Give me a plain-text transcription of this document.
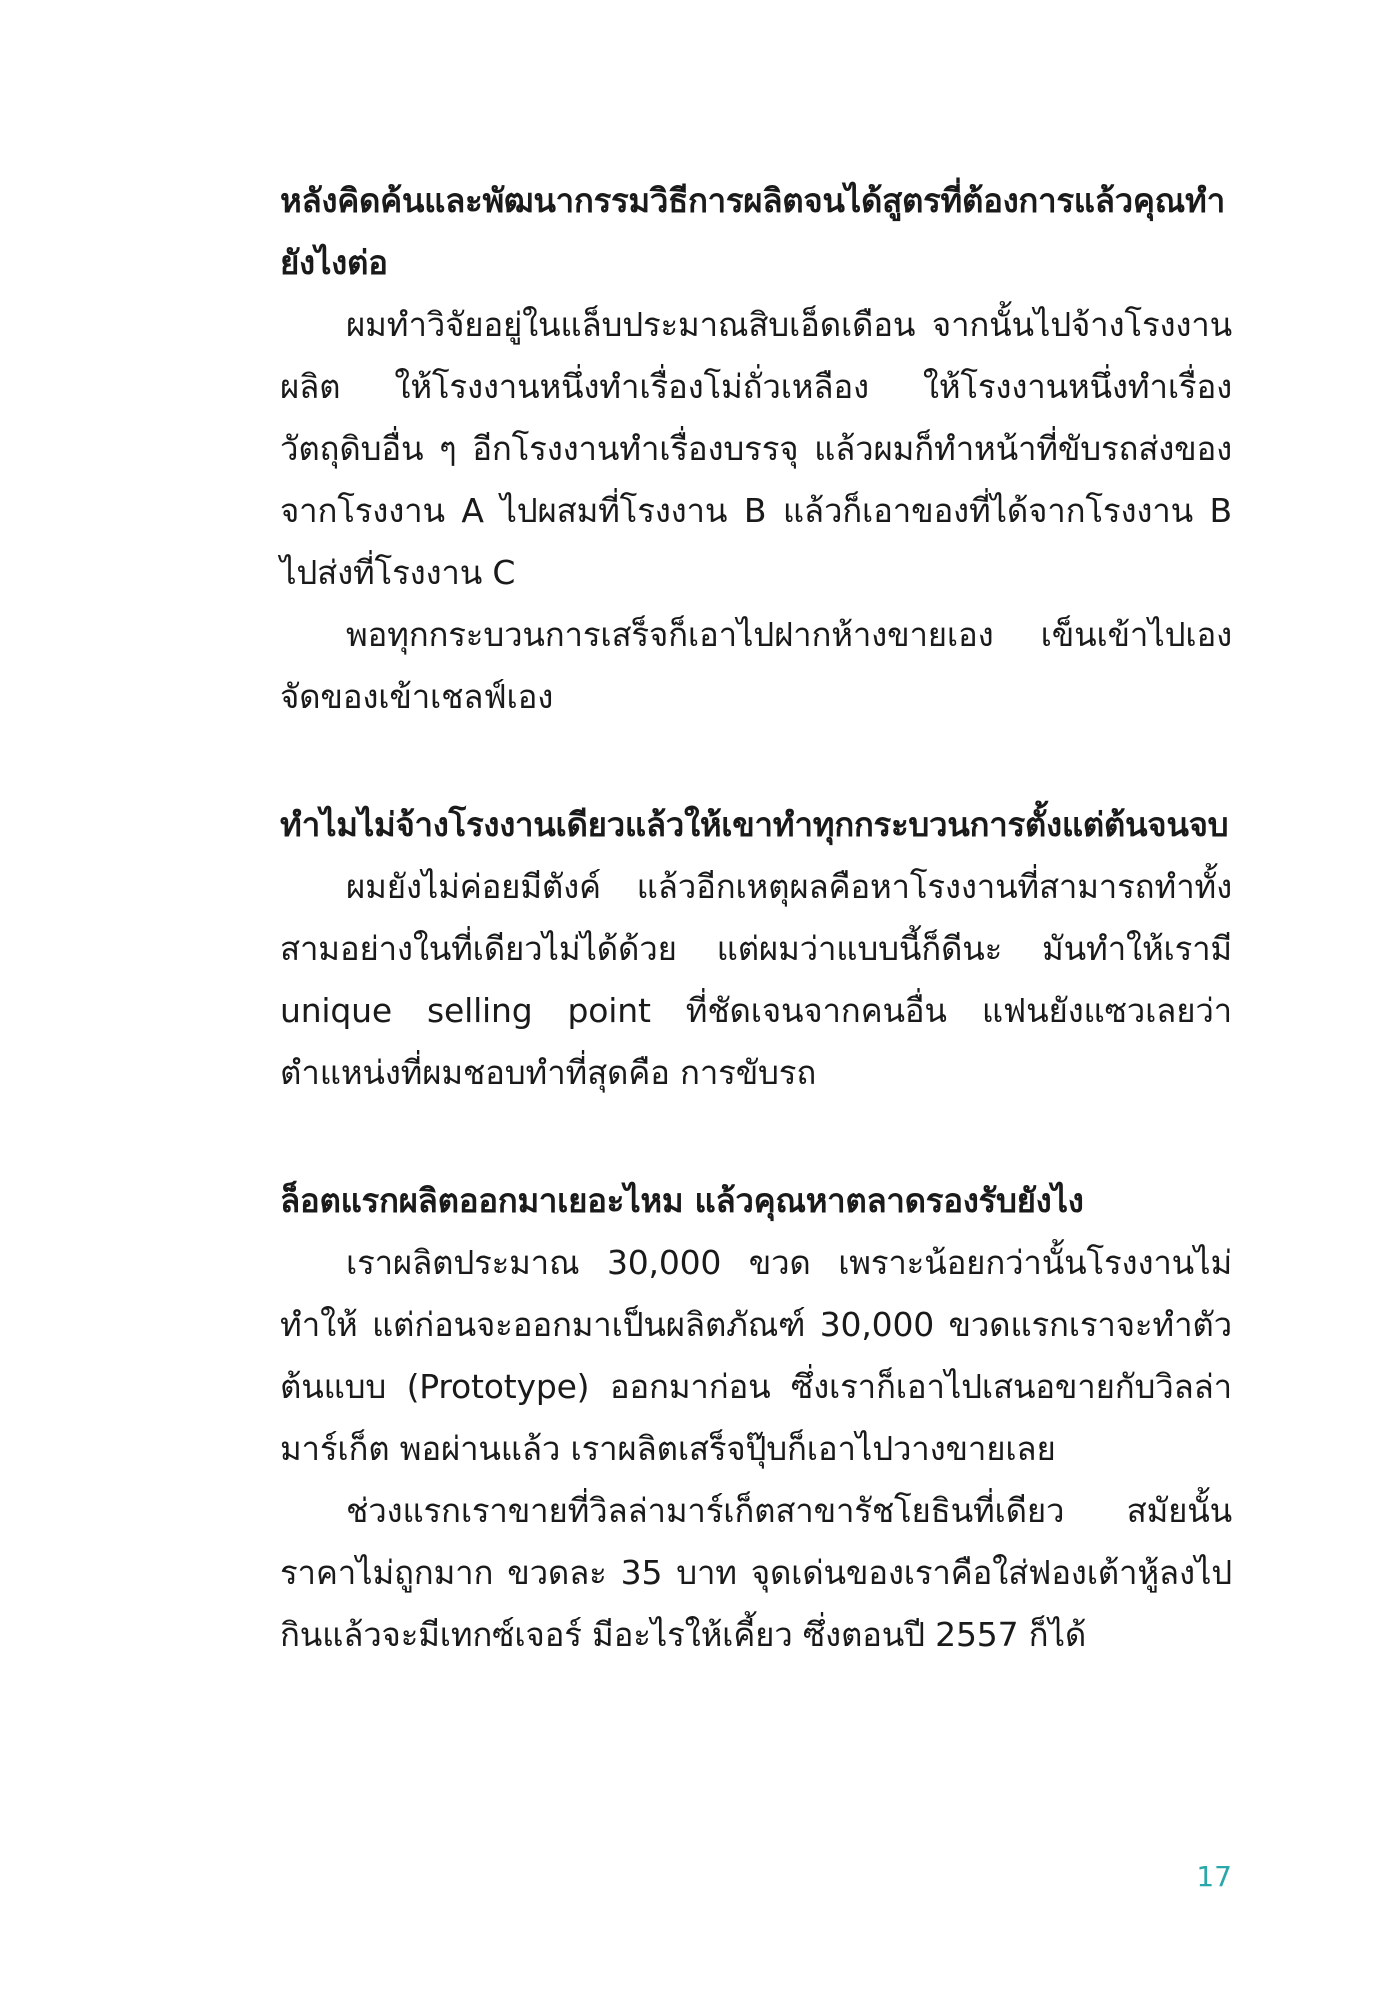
หลังคิดค้นและพัฒนากรรมวิธีการผลิตจนได้สูตรที่ต้องการแล้วคุณทำยังไงต่อ

ผมทำวิจัยอยู่ในแล็บประมาณสิบเอ็ดเดือน จากนั้นไปจ้างโรงงานผลิต ให้โรงงานหนึ่งทำเรื่องโม่ถั่วเหลือง ให้โรงงานหนึ่งทำเรื่องวัตถุดิบอื่น ๆ อีกโรงงานทำเรื่องบรรจุ แล้วผมก็ทำหน้าที่ขับรถส่งของจากโรงงาน A ไปผสมที่โรงงาน B แล้วก็เอาของที่ได้จากโรงงาน B ไปส่งที่โรงงาน C

พอทุกกระบวนการเสร็จก็เอาไปฝากห้างขายเอง เข็นเข้าไปเองจัดของเข้าเชลฟ์เอง

ทำไมไม่จ้างโรงงานเดียวแล้วให้เขาทำทุกกระบวนการตั้งแต่ต้นจนจบ

ผมยังไม่ค่อยมีตังค์ แล้วอีกเหตุผลคือหาโรงงานที่สามารถทำทั้งสามอย่างในที่เดียวไม่ได้ด้วย แต่ผมว่าแบบนี้ก็ดีนะ มันทำให้เรามี unique selling point ที่ชัดเจนจากคนอื่น แฟนยังแซวเลยว่า ตำแหน่งที่ผมชอบทำที่สุดคือ การขับรถ

ล็อตแรกผลิตออกมาเยอะไหม แล้วคุณหาตลาดรองรับยังไง

เราผลิตประมาณ 30,000 ขวด เพราะน้อยกว่านั้นโรงงานไม่ทำให้ แต่ก่อนจะออกมาเป็นผลิตภัณฑ์ 30,000 ขวดแรกเราจะทำตัวต้นแบบ (Prototype) ออกมาก่อน ซึ่งเราก็เอาไปเสนอขายกับวิลล่ามาร์เก็ต พอผ่านแล้ว เราผลิตเสร็จปุ๊บก็เอาไปวางขายเลย

ช่วงแรกเราขายที่วิลล่ามาร์เก็ตสาขารัชโยธินที่เดียว สมัยนั้นราคาไม่ถูกมาก ขวดละ 35 บาท จุดเด่นของเราคือใส่ฟองเต้าหู้ลงไป กินแล้วจะมีเทกซ์เจอร์ มีอะไรให้เคี้ยว ซึ่งตอนปี 2557 ก็ได้

17
